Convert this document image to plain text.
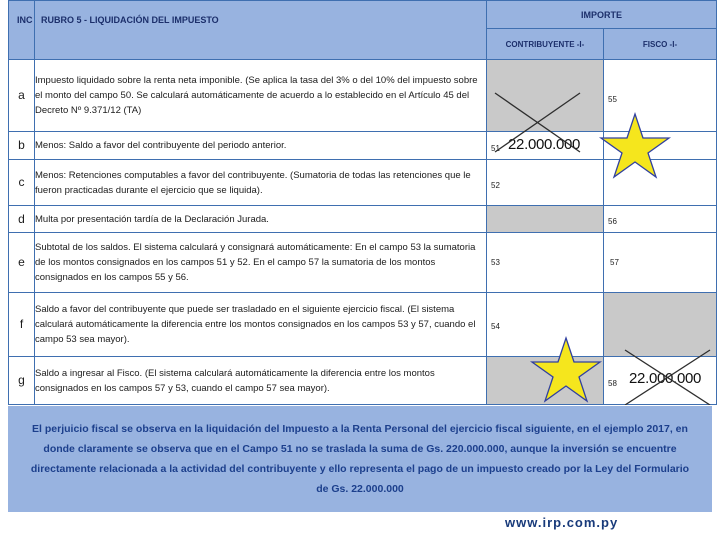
INC	RUBRO 5 - LIQUIDACIÓN DEL IMPUESTO	IMPORTE	
		CONTRIBUYENTE -I-	FISCO -I-
a	Impuesto liquidado sobre la renta neta imponible. (Se aplica la tasa del 3% o del 10% del impuesto sobre el monto del campo 50. Se calculará automáticamente de acuerdo a lo establecido en el Artículo 45 del Decreto Nº 9.371/12 (TA)		55

b	Menos: Saldo a favor del contribuyente del periodo anterior.	51 22.000.000	

c	Menos: Retenciones computables a favor del contribuyente. (Sumatoria de todas las retenciones que le fueron practicadas durante el ejercicio que se liquida).	52	

d	Multa por presentación tardía de la Declaración Jurada.		56

e	Subtotal de los saldos. El sistema calculará y consignará automáticamente: En el campo 53 la sumatoria de los montos consignados en los campos 51 y 52. En el campo 57 la sumatoria de los montos consignados en los campos 55 y 56.	53	57

f	Saldo a favor del contribuyente que puede ser trasladado en el siguiente ejercicio fiscal. (El sistema calculará automáticamente la diferencia entre los montos consignados en los campos 53 y 57, cuando el campo 53 sea mayor).	54	

g	Saldo a ingresar al Fisco. (El sistema calculará automáticamente la diferencia entre los montos consignados en los campos 57 y 53, cuando el campo 57 sea mayor).		58 22.000.000

El perjuicio fiscal se observa en la liquidación del Impuesto a la Renta Personal del ejercicio fiscal siguiente, en el ejemplo 2017, en donde claramente se observa que en el Campo 51 no se traslada la suma de Gs. 220.000.000, aunque la inversión se encuentre directamente relacionada a la actividad del contribuyente y ello representa el pago de un impuesto creado por la Ley del Formulario de Gs. 22.000.000

www.irp.com.py
